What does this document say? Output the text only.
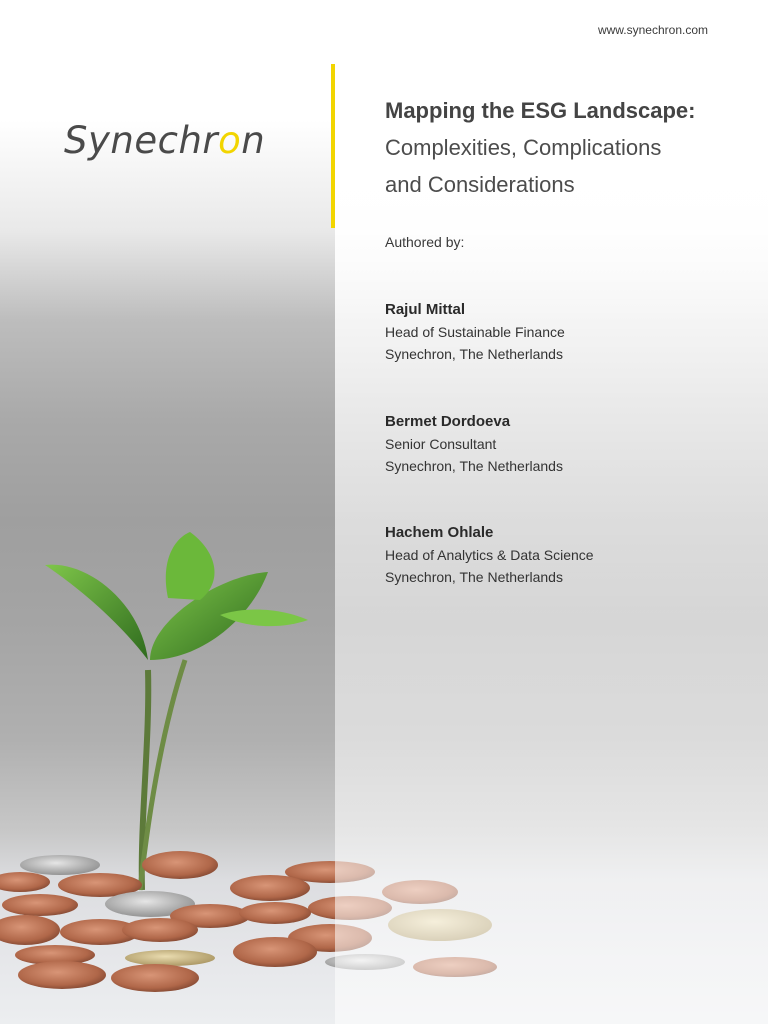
www.synechron.com
Synechron
Mapping the ESG Landscape:
Complexities, Complications
and Considerations
Authored by:
Rajul Mittal
Head of Sustainable Finance
Synechron, The Netherlands
Bermet Dordoeva
Senior Consultant
Synechron, The Netherlands
Hachem Ohlale
Head of Analytics & Data Science
Synechron, The Netherlands
